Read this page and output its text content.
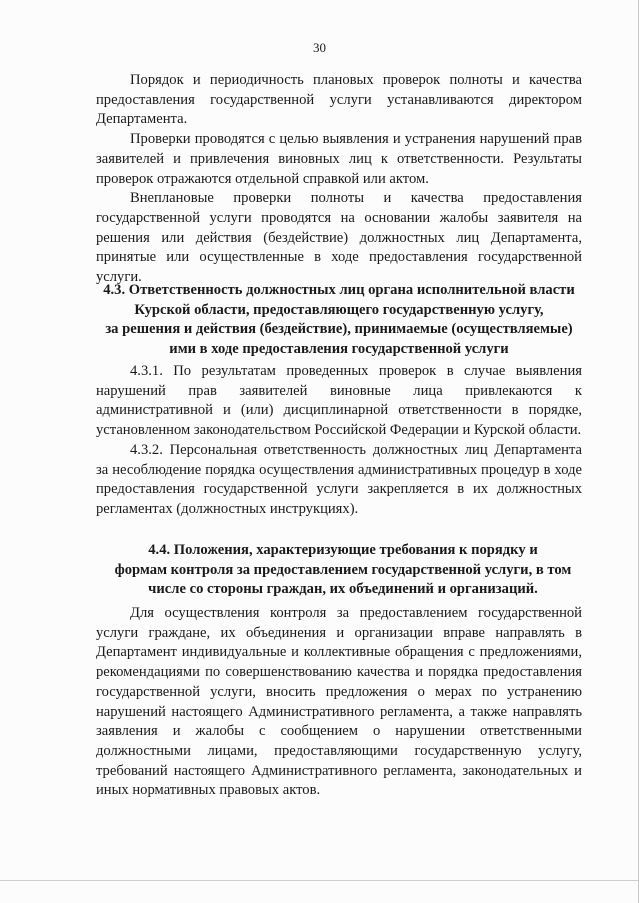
30

Порядок и периодичность плановых проверок полноты и качества предоставления государственной услуги устанавливаются директором Департамента.

Проверки проводятся с целью выявления и устранения нарушений прав заявителей и привлечения виновных лиц к ответственности. Результаты проверок отражаются отдельной справкой или актом.

Внеплановые проверки полноты и качества предоставления государственной услуги проводятся на основании жалобы заявителя на решения или действия (бездействие) должностных лиц Департамента, принятые или осуществленные в ходе предоставления государственной услуги.

4.3. Ответственность должностных лиц органа исполнительной власти

Курской области, предоставляющего государственную услугу,

за решения и действия (бездействие), принимаемые (осуществляемые)

ими в ходе предоставления государственной услуги

4.3.1. По результатам проведенных проверок в случае выявления нарушений прав заявителей виновные лица привлекаются к административной и (или) дисциплинарной ответственности в порядке, установленном законодательством Российской Федерации и Курской области.

4.3.2. Персональная ответственность должностных лиц Департамента за несоблюдение порядка осуществления административных процедур в ходе предоставления государственной услуги закрепляется в их должностных регламентах (должностных инструкциях).

4.4. Положения, характеризующие требования к порядку и

формам контроля за предоставлением государственной услуги, в том

числе со стороны граждан, их объединений и организаций.

Для осуществления контроля за предоставлением государственной услуги граждане, их объединения и организации вправе направлять в Департамент индивидуальные и коллективные обращения с предложениями, рекомендациями по совершенствованию качества и порядка предоставления государственной услуги, вносить предложения о мерах по устранению нарушений настоящего Административного регламента, а также направлять заявления и жалобы с сообщением о нарушении ответственными должностными лицами, предоставляющими государственную услугу, требований настоящего Административного регламента, законодательных и иных нормативных правовых актов.
